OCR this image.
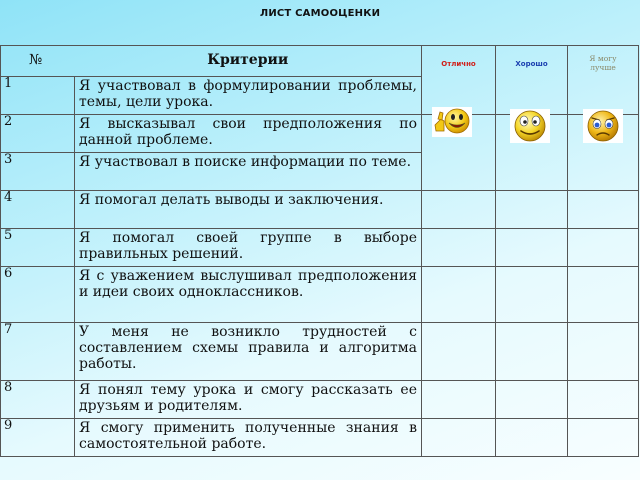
ЛИСТ САМООЦЕНКИ
№	Критерии	Отлично	Хорошо	Я могу
лучше

1	Я участвовал в формулировании проблемы, темы, цели урока.			
2	Я высказывал свои предположения по данной проблеме.	

3	Я участвовал в поиске информации по теме.			
4	Я помогал делать выводы и заключения.			
5	Я помогал своей группе в выборе правильных решений.			
6	Я с уважением выслушивал предположения и идеи своих одноклассников.			
7	У меня не возникло трудностей с составлением схемы правила и алгоритма работы.			
8	Я понял тему урока и смогу рассказать ее друзьям и родителям.			
9	Я смогу применить полученные знания в самостоятельной работе.			
